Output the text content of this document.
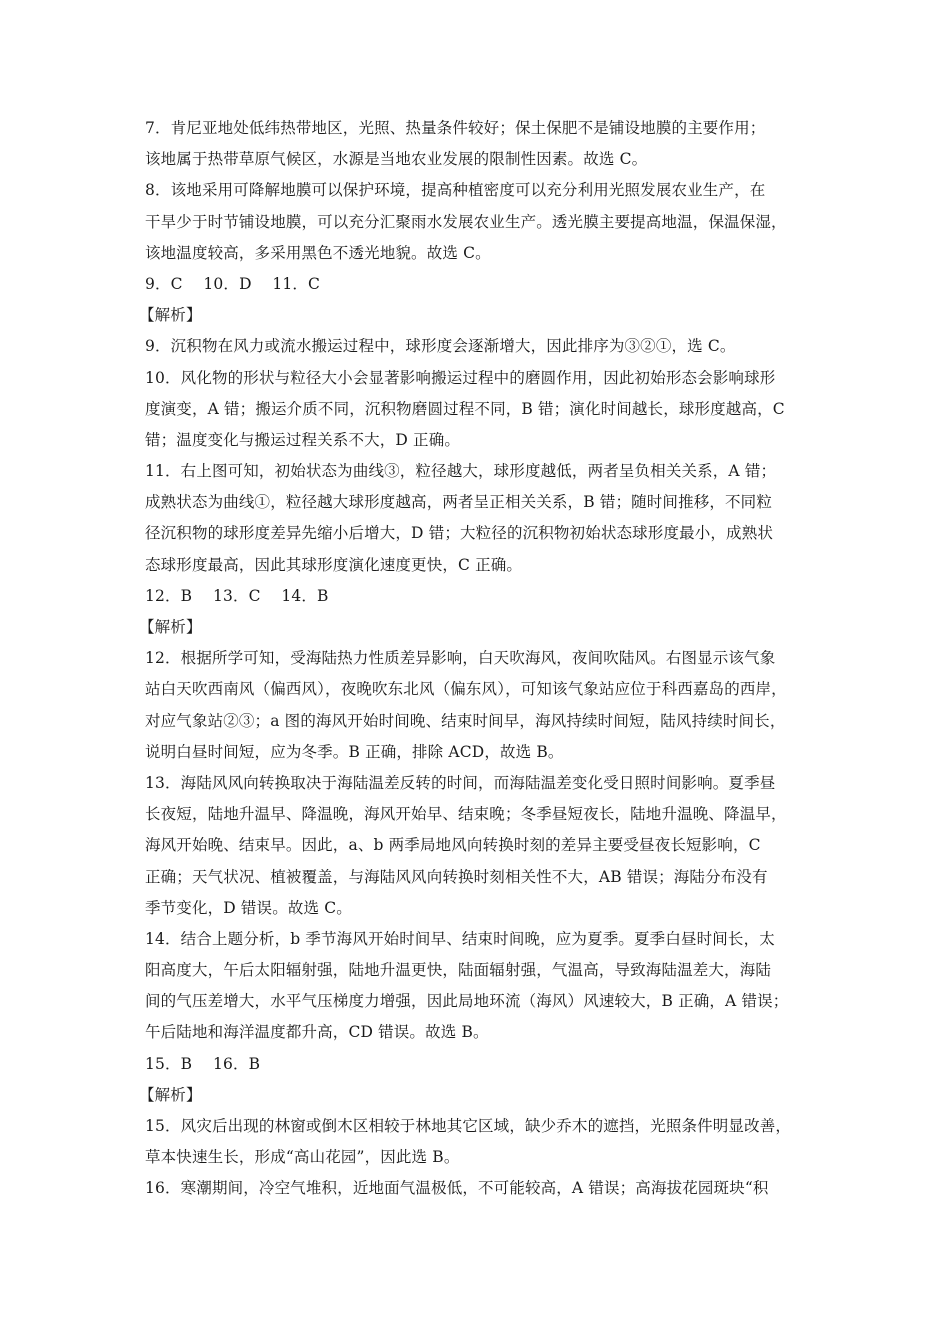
7．肯尼亚地处低纬热带地区，光照、热量条件较好；保土保肥不是铺设地膜的主要作用；
该地属于热带草原气候区，水源是当地农业发展的限制性因素。故选 C。
8．该地采用可降解地膜可以保护环境，提高种植密度可以充分利用光照发展农业生产，在
干旱少于时节铺设地膜，可以充分汇聚雨水发展农业生产。透光膜主要提高地温，保温保湿，
该地温度较高，多采用黑色不透光地貌。故选 C。
9．C　 10．D　 11．C
【解析】
9．沉积物在风力或流水搬运过程中，球形度会逐渐增大，因此排序为③②①，选 C。
10．风化物的形状与粒径大小会显著影响搬运过程中的磨圆作用，因此初始形态会影响球形
度演变，A 错；搬运介质不同，沉积物磨圆过程不同，B 错；演化时间越长，球形度越高，C
错；温度变化与搬运过程关系不大，D 正确。
11．右上图可知，初始状态为曲线③，粒径越大，球形度越低，两者呈负相关关系，A 错；
成熟状态为曲线①，粒径越大球形度越高，两者呈正相关关系，B 错；随时间推移，不同粒
径沉积物的球形度差异先缩小后增大，D 错；大粒径的沉积物初始状态球形度最小，成熟状
态球形度最高，因此其球形度演化速度更快，C 正确。
12．B　 13．C　 14．B
【解析】
12．根据所学可知，受海陆热力性质差异影响，白天吹海风，夜间吹陆风。右图显示该气象
站白天吹西南风（偏西风），夜晚吹东北风（偏东风），可知该气象站应位于科西嘉岛的西岸，
对应气象站②③；a 图的海风开始时间晚、结束时间早，海风持续时间短，陆风持续时间长，
说明白昼时间短，应为冬季。B 正确，排除 ACD，故选 B。
13．海陆风风向转换取决于海陆温差反转的时间，而海陆温差变化受日照时间影响。夏季昼
长夜短，陆地升温早、降温晚，海风开始早、结束晚；冬季昼短夜长，陆地升温晚、降温早，
海风开始晚、结束早。因此，a、b 两季局地风向转换时刻的差异主要受昼夜长短影响，C
正确；天气状况、植被覆盖，与海陆风风向转换时刻相关性不大，AB 错误；海陆分布没有
季节变化，D 错误。故选 C。
14．结合上题分析，b 季节海风开始时间早、结束时间晚，应为夏季。夏季白昼时间长，太
阳高度大，午后太阳辐射强，陆地升温更快，陆面辐射强，气温高，导致海陆温差大，海陆
间的气压差增大，水平气压梯度力增强，因此局地环流（海风）风速较大，B 正确，A 错误；
午后陆地和海洋温度都升高，CD 错误。故选 B。
15．B　 16．B
【解析】
15．风灾后出现的林窗或倒木区相较于林地其它区域，缺少乔木的遮挡，光照条件明显改善，
草本快速生长，形成“高山花园”，因此选 B。
16．寒潮期间，冷空气堆积，近地面气温极低，不可能较高，A 错误；高海拔花园斑块“积
